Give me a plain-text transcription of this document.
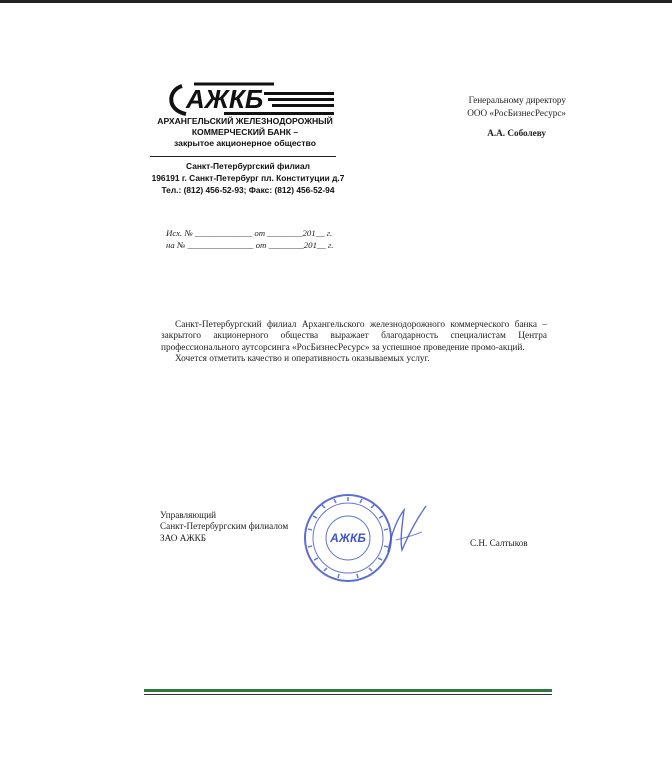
АЖКБ
АРХАНГЕЛЬСКИЙ ЖЕЛЕЗНОДОРОЖНЫЙ
КОММЕРЧЕСКИЙ БАНК –
закрытое акционерное общество
Санкт-Петербургский филиал
196191 г. Санкт-Петербург пл. Конституции д.7
Тел.: (812) 456-52-93; Факс: (812) 456-52-94
Генеральному директору
ООО «РосБизнесРесурс»
А.А. Соболеву
Исх. № _____________ от ________201__ г.
на № _______________ от ________201__ г.

Санкт-Петербургский филиал Архангельского железнодорожного коммерческого банка – закрытого акционерного общества выражает благодарность специалистам Центра профессионального аутсорсинга «РосБизнесРесурс» за успешное проведение промо-акций.

Хочется отметить качество и оперативность оказываемых услуг.

Управляющий
Санкт-Петербургским филиалом
ЗАО АЖКБ	АЖКБ	С.Н. Салтыков
